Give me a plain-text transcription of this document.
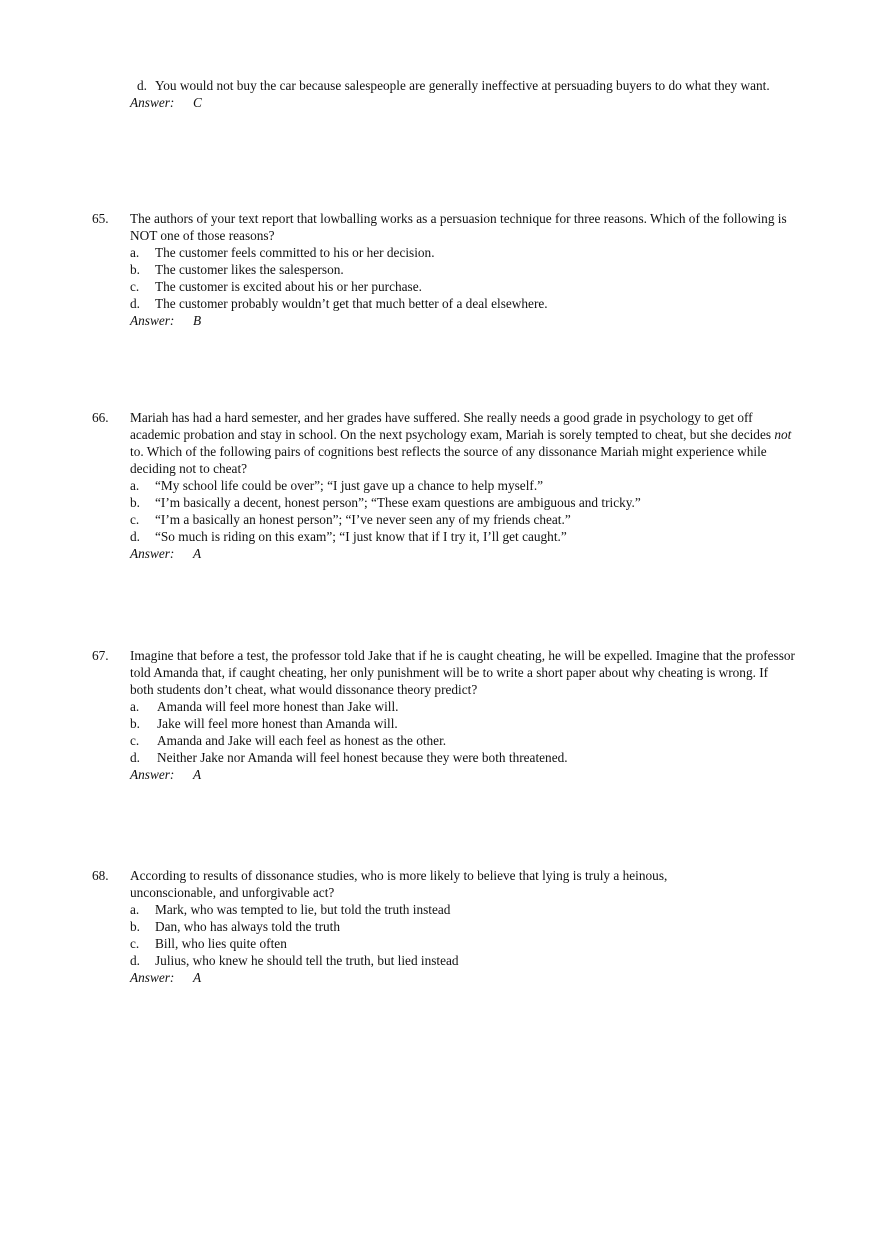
d. You would not buy the car because salespeople are generally ineffective at persuading buyers to do what they want.
Answer: C
65. The authors of your text report that lowballing works as a persuasion technique for three reasons. Which of the following is NOT one of those reasons?
a. The customer feels committed to his or her decision.
b. The customer likes the salesperson.
c. The customer is excited about his or her purchase.
d. The customer probably wouldn’t get that much better of a deal elsewhere.
Answer: B
66. Mariah has had a hard semester, and her grades have suffered. She really needs a good grade in psychology to get off academic probation and stay in school. On the next psychology exam, Mariah is sorely tempted to cheat, but she decides not to. Which of the following pairs of cognitions best reflects the source of any dissonance Mariah might experience while deciding not to cheat?
a. “My school life could be over”; “I just gave up a chance to help myself.”
b. “I’m basically a decent, honest person”; “These exam questions are ambiguous and tricky.”
c. “I’m a basically an honest person”; “I’ve never seen any of my friends cheat.”
d. “So much is riding on this exam”; “I just know that if I try it, I’ll get caught.”
Answer: A
67. Imagine that before a test, the professor told Jake that if he is caught cheating, he will be expelled. Imagine that the professor told Amanda that, if caught cheating, her only punishment will be to write a short paper about why cheating is wrong. If both students don’t cheat, what would dissonance theory predict?
a. Amanda will feel more honest than Jake will.
b. Jake will feel more honest than Amanda will.
c. Amanda and Jake will each feel as honest as the other.
d. Neither Jake nor Amanda will feel honest because they were both threatened.
Answer: A
68. According to results of dissonance studies, who is more likely to believe that lying is truly a heinous, unconscionable, and unforgivable act?
a. Mark, who was tempted to lie, but told the truth instead
b. Dan, who has always told the truth
c. Bill, who lies quite often
d. Julius, who knew he should tell the truth, but lied instead
Answer: A
